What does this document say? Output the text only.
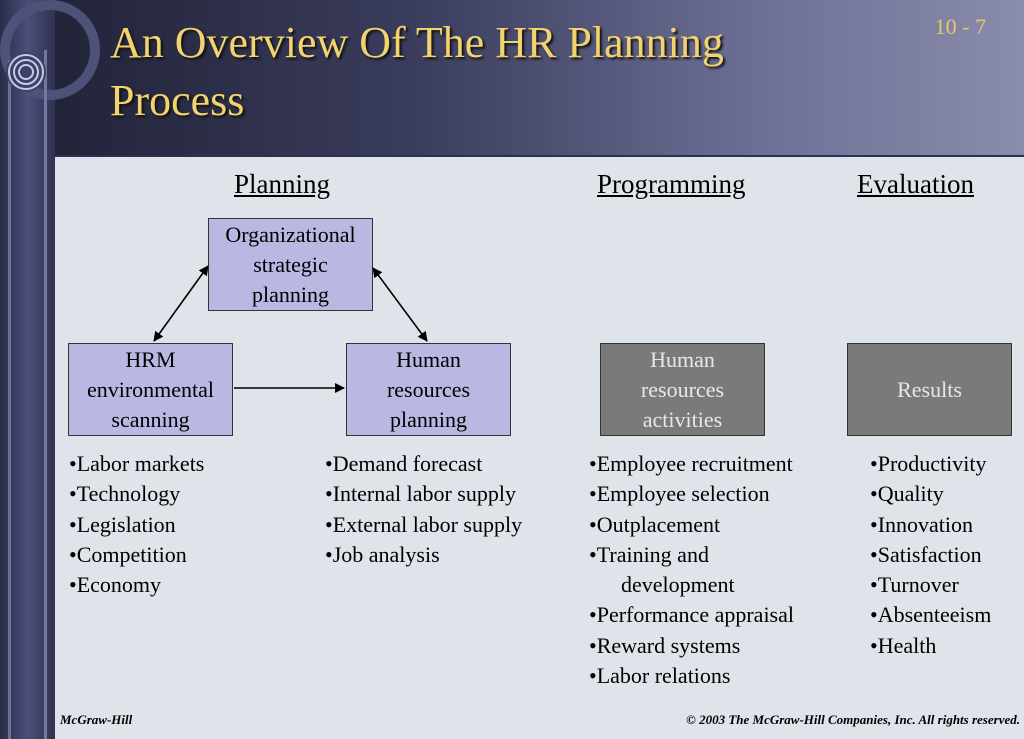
An Overview Of The HR Planning
Process
10 - 7
Planning	Programming	Evaluation
Organizational
strategic
planning
HRM
environmental
scanning
Human
resources
planning
Human
resources
activities
Results
•Labor markets
•Technology
•Legislation
•Competition
•Economy
•Demand forecast
•Internal labor supply
•External labor supply
•Job analysis
•Employee recruitment
•Employee selection
•Outplacement
•Training and
development
•Performance appraisal
•Reward systems
•Labor relations
•Productivity
•Quality
•Innovation
•Satisfaction
•Turnover
•Absenteeism
•Health
McGraw-Hill	© 2003 The McGraw-Hill Companies, Inc. All rights reserved.
